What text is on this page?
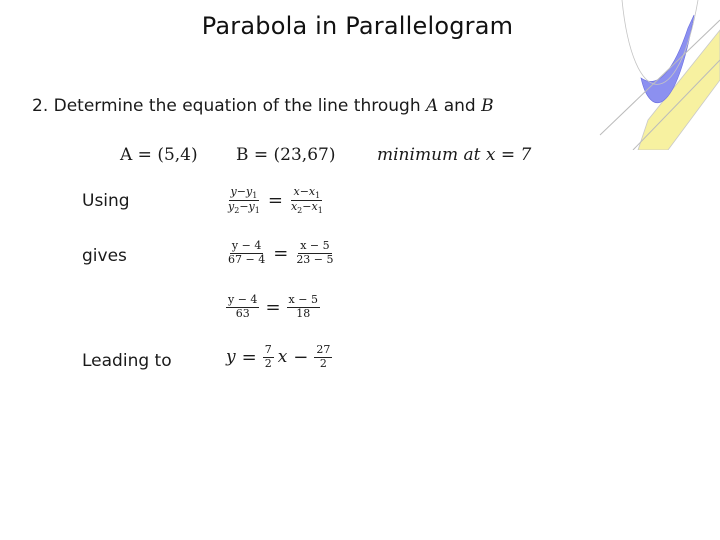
Parabola in Parallelogram
2. Determine the equation of the line through A and B
A = (5,4) B = (23,67) minimum at x = 7
Using	$\frac{y-y_1}{y_2-y_1} = \frac{x-x_1}{x_2-x_1}$
gives	$\frac{y - 4}{67 - 4} = \frac{x - 5}{23 - 5}$
$\frac{y - 4}{63} = \frac{x - 5}{18}$
Leading to	$y = \frac{7}{2}$ $x - \frac{27}{2}$
